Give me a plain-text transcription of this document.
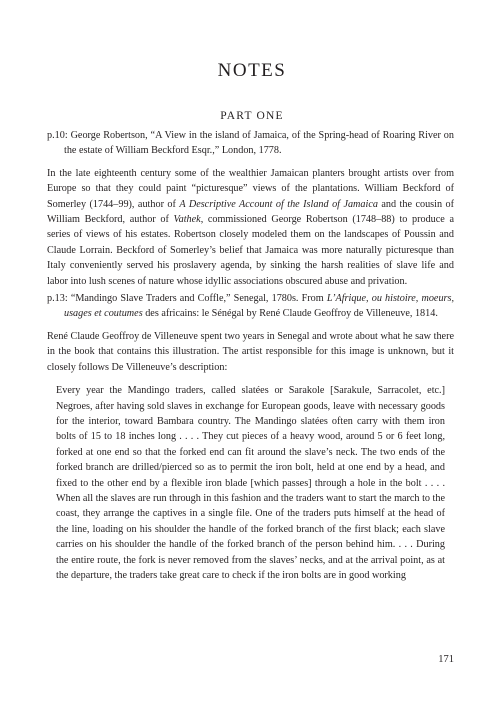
NOTES
PART ONE

p.10: George Robertson, “A View in the island of Jamaica, of the Spring-head of Roaring River on the estate of William Beckford Esqr.,” London, 1778.

In the late eighteenth century some of the wealthier Jamaican planters brought artists over from Europe so that they could paint “picturesque” views of the plantations. William Beckford of Somerley (1744–99), author of A Descriptive Account of the Island of Jamaica and the cousin of William Beckford, author of Vathek, commissioned George Robertson (1748–88) to produce a series of views of his estates. Robertson closely modeled them on the landscapes of Poussin and Claude Lorrain. Beckford of Somerley’s belief that Jamaica was more naturally picturesque than Italy conveniently served his proslavery agenda, by sinking the harsh realities of slave life and labor into lush scenes of nature whose idyllic associations obscured abuse and privation.

p.13: “Mandingo Slave Traders and Coffle,” Senegal, 1780s. From L’Afrique, ou histoire, moeurs, usages et coutumes des africains: le Sénégal by René Claude Geoffroy de Villeneuve, 1814.

René Claude Geoffroy de Villeneuve spent two years in Senegal and wrote about what he saw there in the book that contains this illustration. The artist responsible for this image is unknown, but it closely follows De Villeneuve’s description:

Every year the Mandingo traders, called slatées or Sarakole [Sarakule, Sarracolet, etc.] Negroes, after having sold slaves in exchange for European goods, leave with necessary goods for the interior, toward Bambara country. The Mandingo slatées often carry with them iron bolts of 15 to 18 inches long . . . . They cut pieces of a heavy wood, around 5 or 6 feet long, forked at one end so that the forked end can fit around the slave’s neck. The two ends of the forked branch are drilled/pierced so as to permit the iron bolt, held at one end by a head, and fixed to the other end by a flexible iron blade [which passes] through a hole in the bolt . . . . When all the slaves are run through in this fashion and the traders want to start the march to the coast, they arrange the captives in a single file. One of the traders puts himself at the head of the line, loading on his shoulder the handle of the forked branch of the first black; each slave carries on his shoulder the handle of the forked branch of the person behind him. . . . During the entire route, the fork is never removed from the slaves’ necks, and at the arrival point, as at the departure, the traders take great care to check if the iron bolts are in good working

171
